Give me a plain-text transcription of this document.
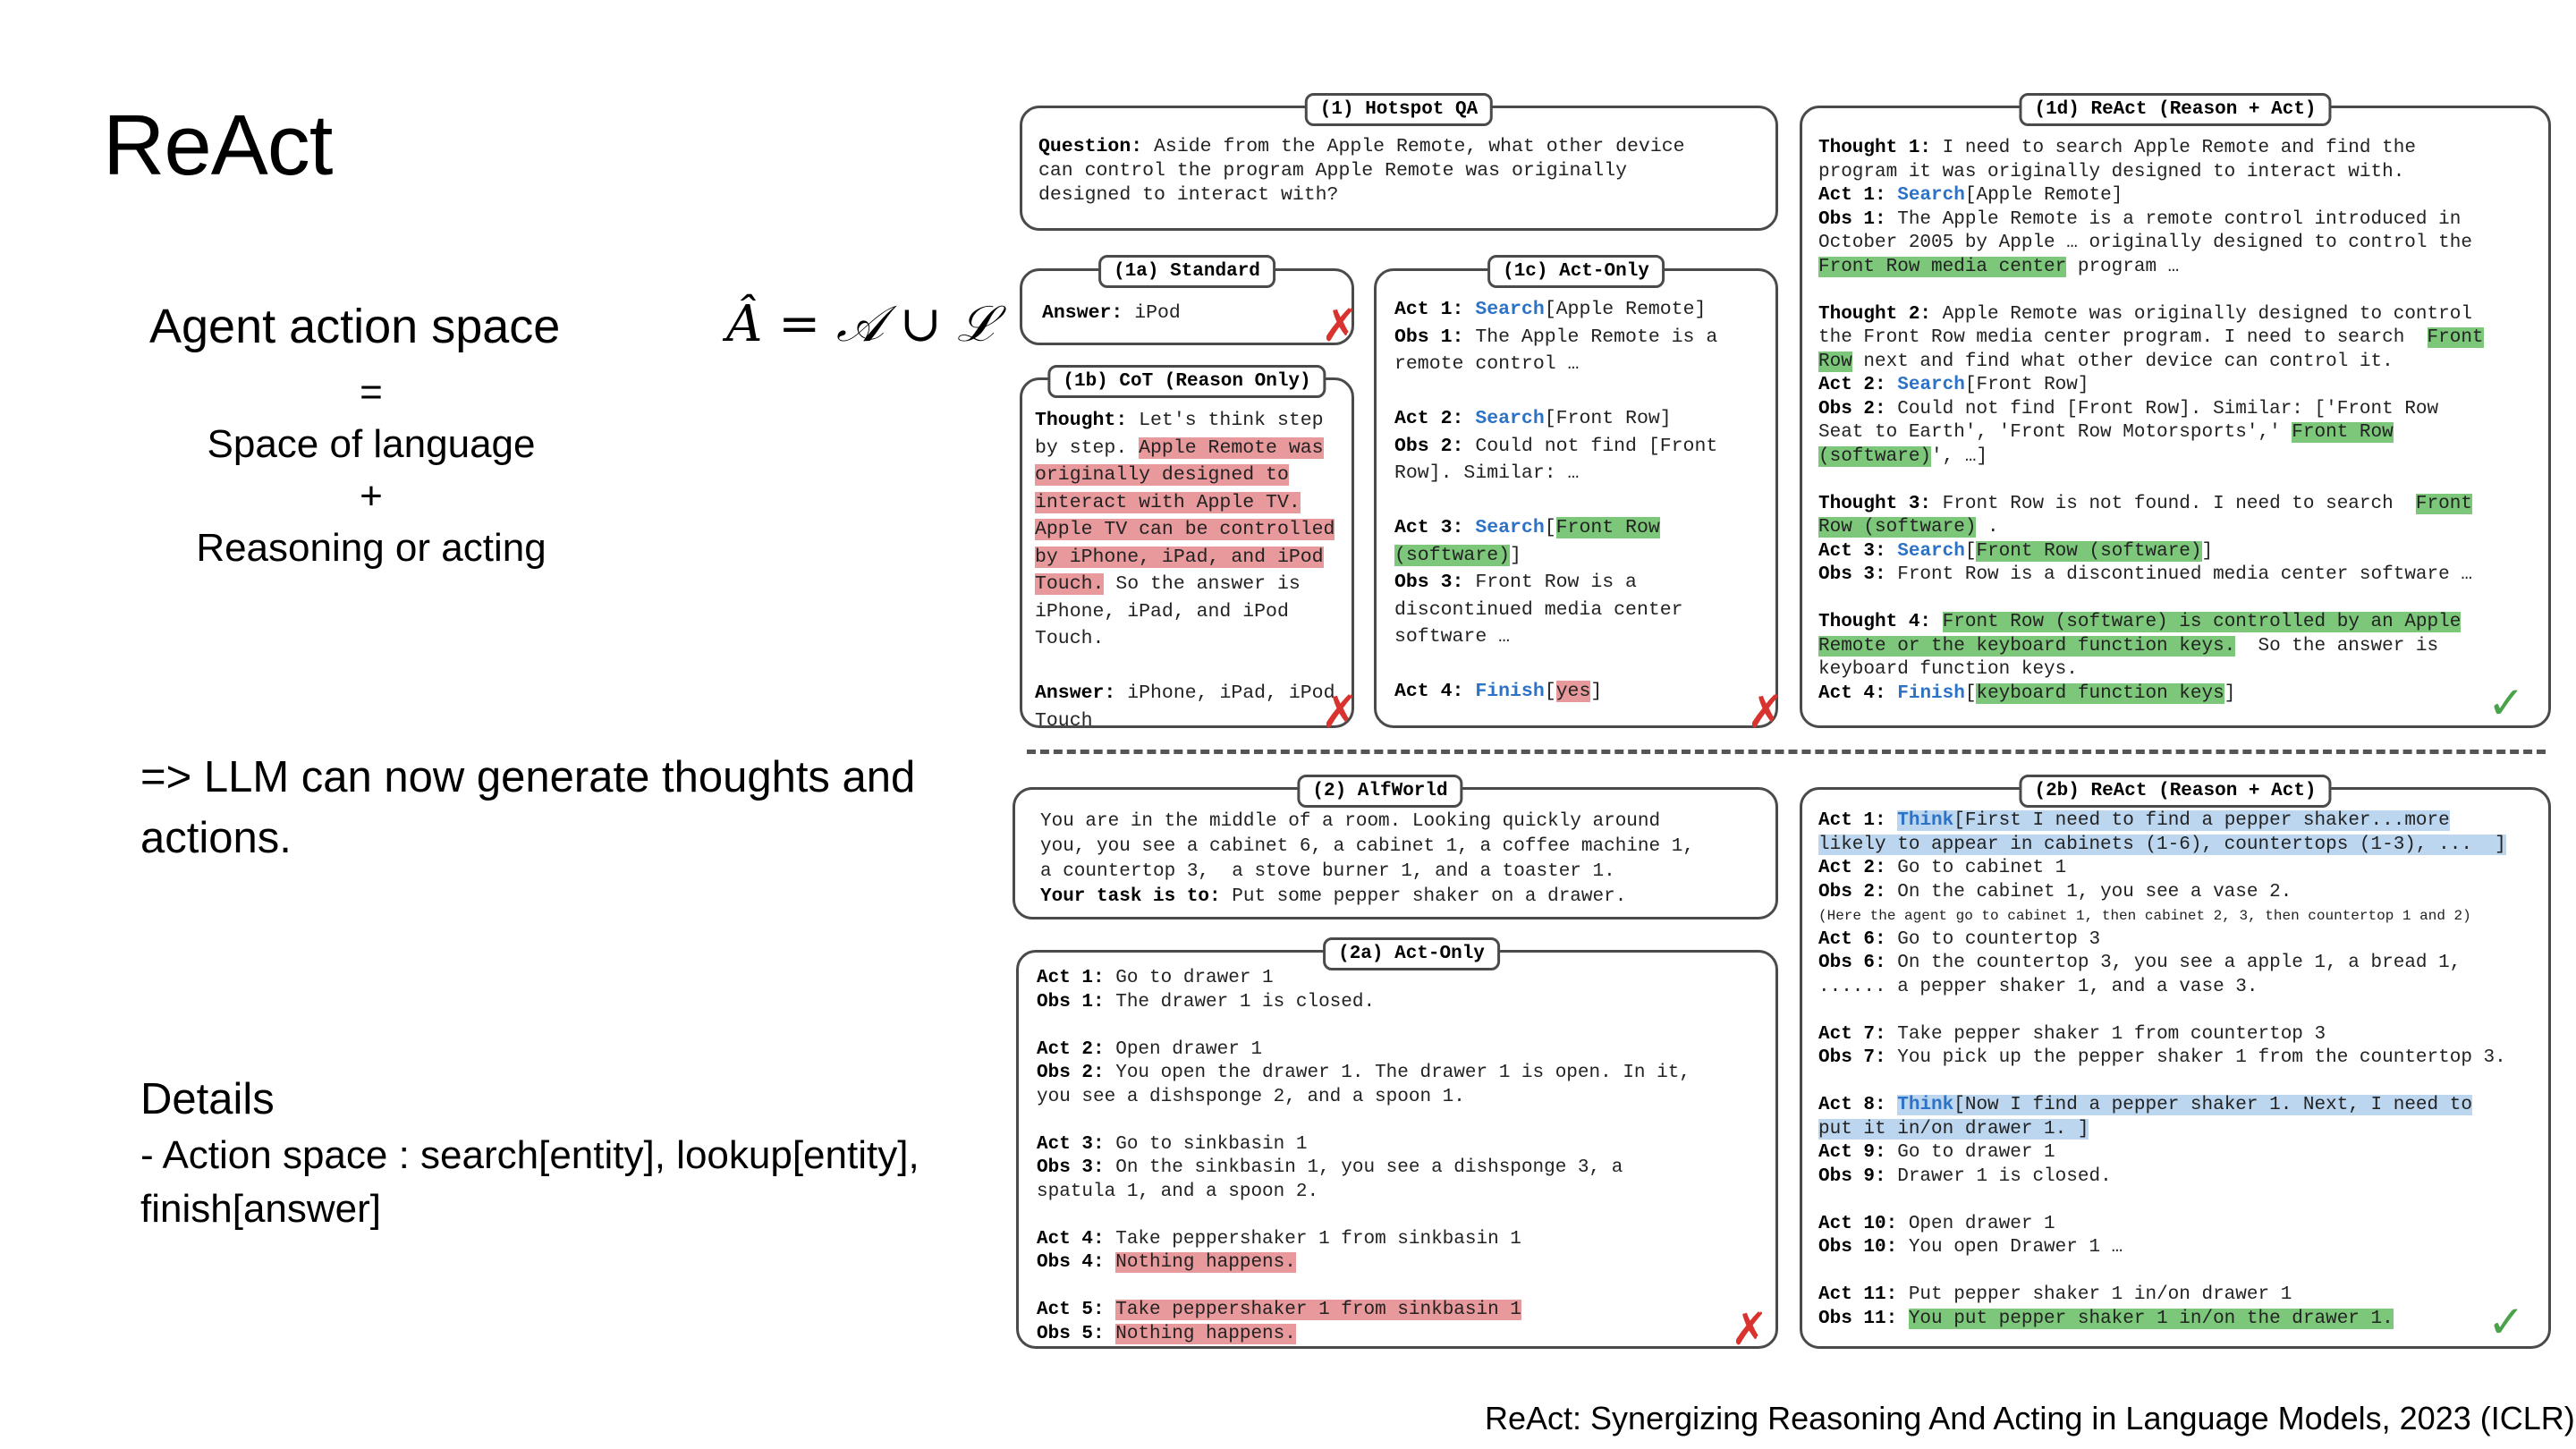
ReAct
Agent action space	Â = 𝒜 ∪ ℒ
=
Space of language
+
Reasoning or acting
=> LLM can now generate thoughts and
actions.
Details
- Action space : search[entity], lookup[entity],
finish[answer]
ReAct: Synergizing Reasoning And Acting in Language Models, 2023 (ICLR)
Question: Aside from the Apple Remote, what other device
can control the program Apple Remote was originally
designed to interact with?
(1) Hotspot QA
Answer: iPod	✗
(1a) Standard
Thought: Let's think step
by step. Apple Remote was
originally designed to
interact with Apple TV.
Apple TV can be controlled
by iPhone, iPad, and iPod
Touch. So the answer is
iPhone, iPad, and iPod
Touch.

Answer: iPhone, iPad, iPod
Touch	✗
(1b) CoT (Reason Only)
Act 1: Search[Apple Remote]
Obs 1: The Apple Remote is a
remote control …

Act 2: Search[Front Row]
Obs 2: Could not find [Front
Row]. Similar: …

Act 3: Search[Front Row
(software)]
Obs 3: Front Row is a
discontinued media center
software …

Act 4: Finish[yes]	✗
(1c) Act-Only
Thought 1: I need to search Apple Remote and find the
program it was originally designed to interact with.
Act 1: Search[Apple Remote]
Obs 1: The Apple Remote is a remote control introduced in
October 2005 by Apple … originally designed to control the
Front Row media center program …

Thought 2: Apple Remote was originally designed to control
the Front Row media center program. I need to search  Front
Row next and find what other device can control it.
Act 2: Search[Front Row]
Obs 2: Could not find [Front Row]. Similar: ['Front Row
Seat to Earth', 'Front Row Motorsports',' Front Row
(software)', …]

Thought 3: Front Row is not found. I need to search  Front
Row (software) .
Act 3: Search[Front Row (software)]
Obs 3: Front Row is a discontinued media center software …

Thought 4: Front Row (software) is controlled by an Apple
Remote or the keyboard function keys.  So the answer is
keyboard function keys.
Act 4: Finish[keyboard function keys]	✓
(1d) ReAct (Reason + Act)
You are in the middle of a room. Looking quickly around
you, you see a cabinet 6, a cabinet 1, a coffee machine 1,
a countertop 3,  a stove burner 1, and a toaster 1.
Your task is to: Put some pepper shaker on a drawer.
(2) AlfWorld
Act 1: Go to drawer 1
Obs 1: The drawer 1 is closed.

Act 2: Open drawer 1
Obs 2: You open the drawer 1. The drawer 1 is open. In it,
you see a dishsponge 2, and a spoon 1.

Act 3: Go to sinkbasin 1
Obs 3: On the sinkbasin 1, you see a dishsponge 3, a
spatula 1, and a spoon 2.

Act 4: Take peppershaker 1 from sinkbasin 1
Obs 4: Nothing happens.

Act 5: Take peppershaker 1 from sinkbasin 1
Obs 5: Nothing happens.	✗
(2a) Act-Only
Act 1: Think[First I need to find a pepper shaker...more
likely to appear in cabinets (1-6), countertops (1-3), ...  ]
Act 2: Go to cabinet 1
Obs 2: On the cabinet 1, you see a vase 2.
(Here the agent go to cabinet 1, then cabinet 2, 3, then countertop 1 and 2)
Act 6: Go to countertop 3
Obs 6: On the countertop 3, you see a apple 1, a bread 1,
...... a pepper shaker 1, and a vase 3.

Act 7: Take pepper shaker 1 from countertop 3
Obs 7: You pick up the pepper shaker 1 from the countertop 3.

Act 8: Think[Now I find a pepper shaker 1. Next, I need to
put it in/on drawer 1. ]
Act 9: Go to drawer 1
Obs 9: Drawer 1 is closed.

Act 10: Open drawer 1
Obs 10: You open Drawer 1 …

Act 11: Put pepper shaker 1 in/on drawer 1
Obs 11: You put pepper shaker 1 in/on the drawer 1.	✓
(2b) ReAct (Reason + Act)
